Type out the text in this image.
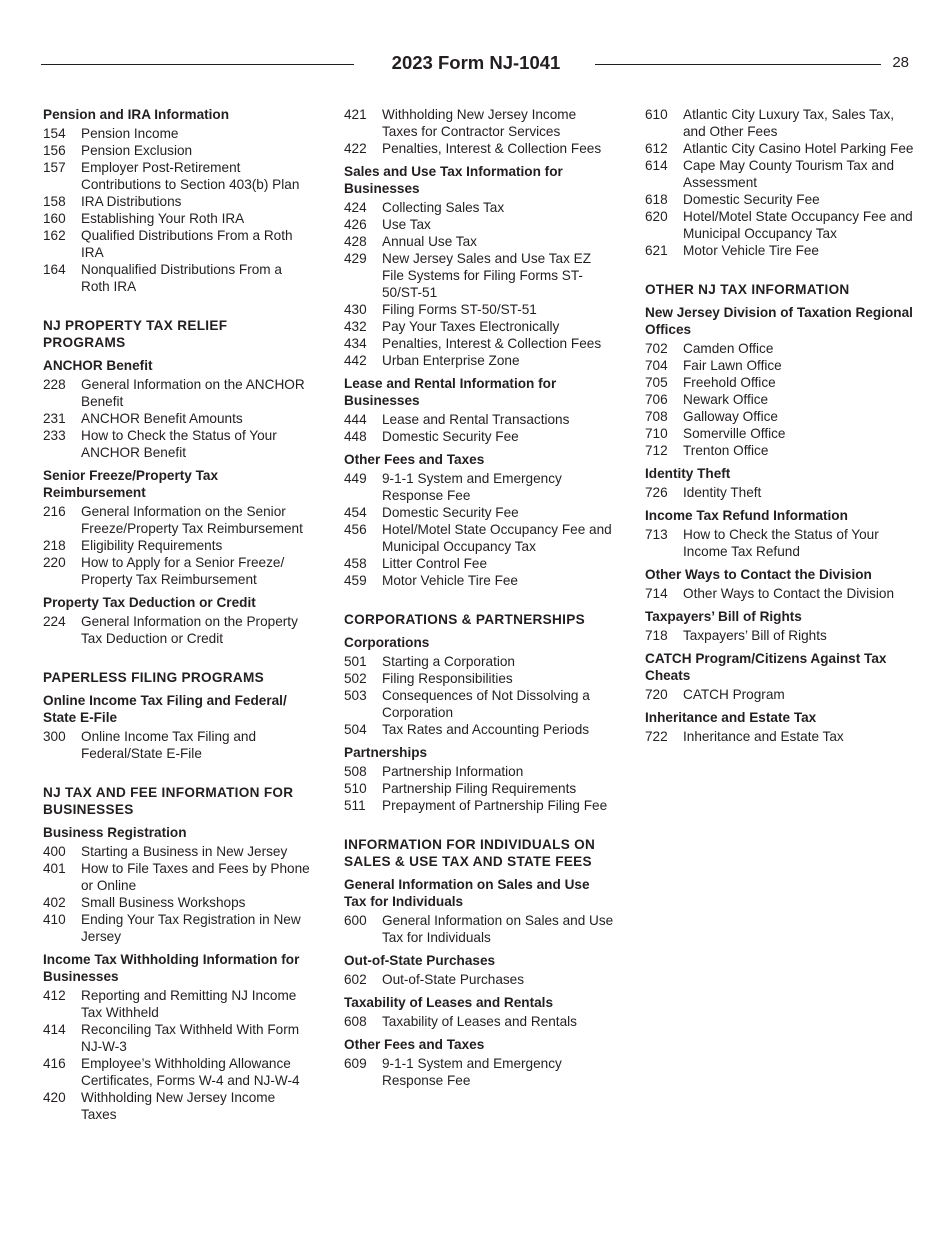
2023 Form NJ-1041	28
Pension and IRA Information
154	Pension Income
156	Pension Exclusion
157	Employer Post-Retirement Contributions to Section 403(b) Plan
158	IRA Distributions
160	Establishing Your Roth IRA
162	Qualified Distributions From a Roth IRA
164	Nonqualified Distributions From a Roth IRA
NJ PROPERTY TAX RELIEF PROGRAMS
ANCHOR Benefit
228	General Information on the ANCHOR Benefit
231	ANCHOR Benefit Amounts
233	How to Check the Status of Your ANCHOR Benefit
Senior Freeze/Property Tax Reimbursement
216	General Information on the Senior Freeze/Property Tax Reimbursement
218	Eligibility Requirements
220	How to Apply for a Senior Freeze/ Property Tax Reimbursement
Property Tax Deduction or Credit
224	General Information on the Property Tax Deduction or Credit
PAPERLESS FILING PROGRAMS
Online Income Tax Filing and Federal/ State E-File
300	Online Income Tax Filing and Federal/State E-File
NJ TAX AND FEE INFORMATION FOR BUSINESSES
Business Registration
400	Starting a Business in New Jersey
401	How to File Taxes and Fees by Phone or Online
402	Small Business Workshops
410	Ending Your Tax Registration in New Jersey
Income Tax Withholding Information for Businesses
412	Reporting and Remitting NJ Income Tax Withheld
414	Reconciling Tax Withheld With Form NJ-W-3
416	Employee’s Withholding Allowance Certificates, Forms W-4 and NJ-W-4
420	Withholding New Jersey Income Taxes
421	Withholding New Jersey Income Taxes for Contractor Services
422	Penalties, Interest & Collection Fees
Sales and Use Tax Information for Businesses
424	Collecting Sales Tax
426	Use Tax
428	Annual Use Tax
429	New Jersey Sales and Use Tax EZ File Systems for Filing Forms ST-50/ST-51
430	Filing Forms ST-50/ST-51
432	Pay Your Taxes Electronically
434	Penalties, Interest & Collection Fees
442	Urban Enterprise Zone
Lease and Rental Information for Businesses
444	Lease and Rental Transactions
448	Domestic Security Fee
Other Fees and Taxes
449	9-1-1 System and Emergency Response Fee
454	Domestic Security Fee
456	Hotel/Motel State Occupancy Fee and Municipal Occupancy Tax
458	Litter Control Fee
459	Motor Vehicle Tire Fee
CORPORATIONS & PARTNERSHIPS
Corporations
501	Starting a Corporation
502	Filing Responsibilities
503	Consequences of Not Dissolving a Corporation
504	Tax Rates and Accounting Periods
Partnerships
508	Partnership Information
510	Partnership Filing Requirements
511	Prepayment of Partnership Filing Fee
INFORMATION FOR INDIVIDUALS ON SALES & USE TAX AND STATE FEES
General Information on Sales and Use Tax for Individuals
600	General Information on Sales and Use Tax for Individuals
Out-of-State Purchases
602	Out-of-State Purchases
Taxability of Leases and Rentals
608	Taxability of Leases and Rentals
Other Fees and Taxes
609	9-1-1 System and Emergency Response Fee
610	Atlantic City Luxury Tax, Sales Tax, and Other Fees
612	Atlantic City Casino Hotel Parking Fee
614	Cape May County Tourism Tax and Assessment
618	Domestic Security Fee
620	Hotel/Motel State Occupancy Fee and Municipal Occupancy Tax
621	Motor Vehicle Tire Fee
OTHER NJ TAX INFORMATION
New Jersey Division of Taxation Regional Offices
702	Camden Office
704	Fair Lawn Office
705	Freehold Office
706	Newark Office
708	Galloway Office
710	Somerville Office
712	Trenton Office
Identity Theft
726	Identity Theft
Income Tax Refund Information
713	How to Check the Status of Your Income Tax Refund
Other Ways to Contact the Division
714	Other Ways to Contact the Division
Taxpayers’ Bill of Rights
718	Taxpayers’ Bill of Rights
CATCH Program/Citizens Against Tax Cheats
720	CATCH Program
Inheritance and Estate Tax
722	Inheritance and Estate Tax
